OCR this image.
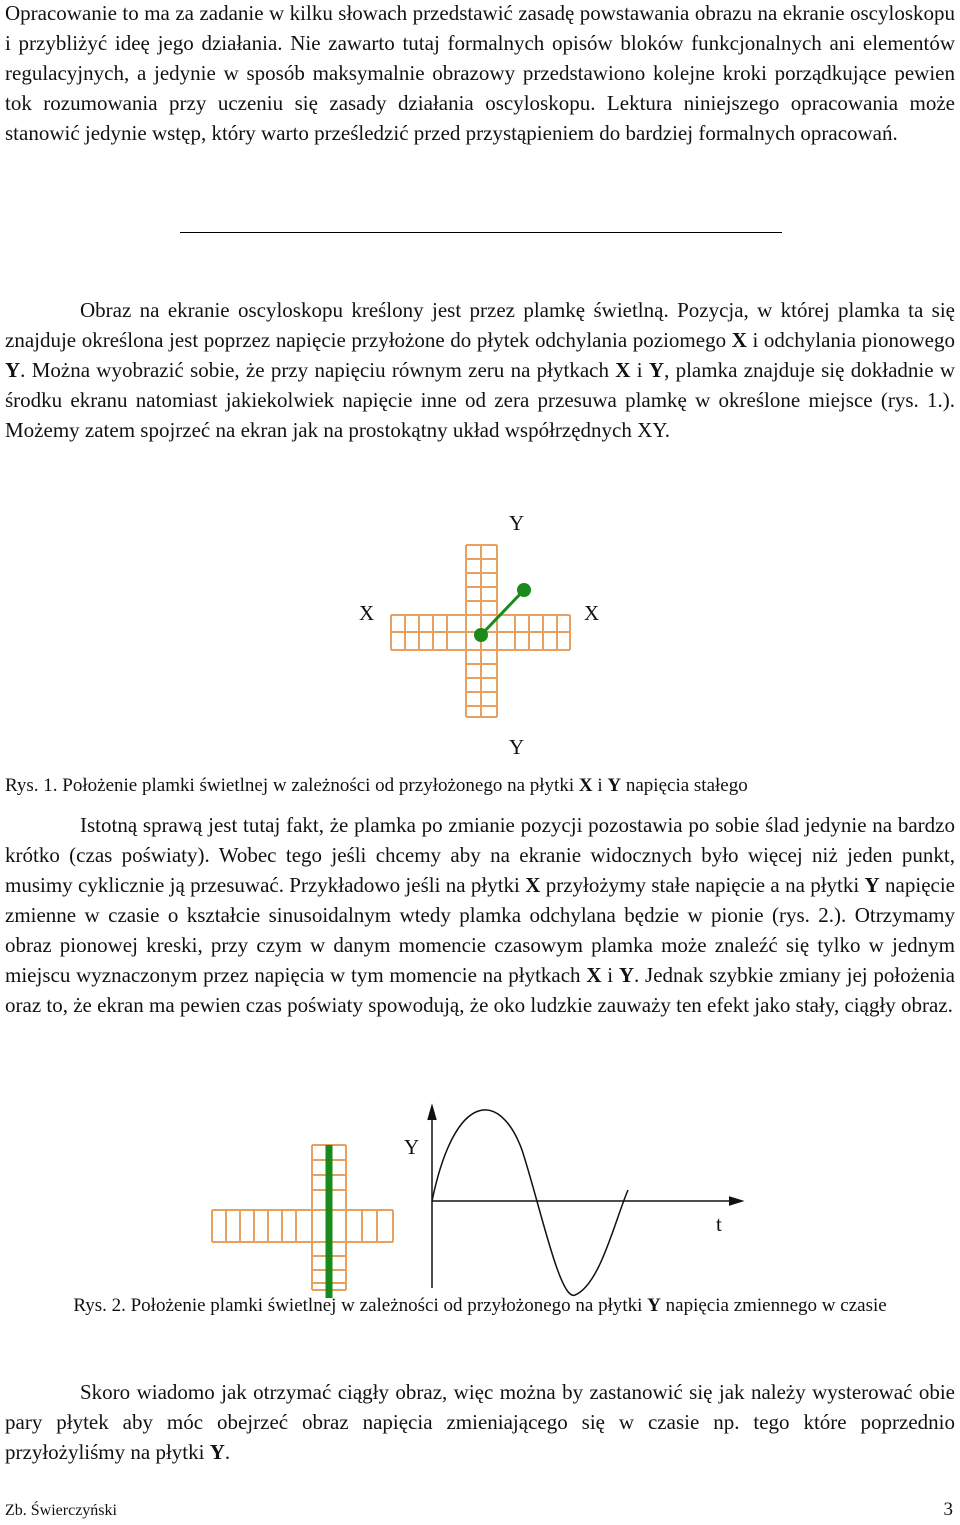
Opracowanie to ma za zadanie w kilku słowach przedstawić zasadę powstawania obrazu na ekranie oscyloskopu i przybliżyć ideę jego działania. Nie zawarto tutaj formalnych opisów bloków funkcjonalnych ani elementów regulacyjnych, a jedynie w sposób maksymalnie obrazowy przedstawiono kolejne kroki porządkujące pewien tok rozumowania przy uczeniu się zasady działania oscyloskopu. Lektura niniejszego opracowania może stanowić jedynie wstęp, który warto prześledzić przed przystąpieniem do bardziej formalnych opracowań.

Obraz na ekranie oscyloskopu kreślony jest przez plamkę świetlną. Pozycja, w której plamka ta się znajduje określona jest poprzez napięcie przyłożone do płytek odchylania poziomego X i odchylania pionowego Y. Można wyobrazić sobie, że przy napięciu równym zeru na płytkach X i Y, plamka znajduje się dokładnie w środku ekranu natomiast jakiekolwiek napięcie inne od zera przesuwa plamkę w określone miejsce (rys. 1.). Możemy zatem spojrzeć na ekran jak na prostokątny układ współrzędnych XY.

Y
Y
X	X

Rys. 1. Położenie plamki świetlnej w zależności od przyłożonego na płytki X i Y napięcia stałego

Istotną sprawą jest tutaj fakt, że plamka po zmianie pozycji pozostawia po sobie ślad jedynie na bardzo krótko (czas poświaty). Wobec tego jeśli chcemy aby na ekranie widocznych było więcej niż jeden punkt, musimy cyklicznie ją przesuwać. Przykładowo jeśli na płytki X przyłożymy stałe napięcie a na płytki Y napięcie zmienne w czasie o kształcie sinusoidalnym wtedy plamka odchylana będzie w pionie (rys. 2.). Otrzymamy obraz pionowej kreski, przy czym w danym momencie czasowym plamka może znaleźć się tylko w jednym miejscu wyznaczonym przez napięcia w tym momencie na płytkach X i Y. Jednak szybkie zmiany jej położenia oraz to, że ekran ma pewien czas poświaty spowodują, że oko ludzkie zauważy ten efekt jako stały, ciągły obraz.

Y
t

Rys. 2. Położenie plamki świetlnej w zależności od przyłożonego na płytki Y napięcia zmiennego w czasie

Skoro wiadomo jak otrzymać ciągły obraz, więc można by zastanowić się jak należy wysterować obie pary płytek aby móc obejrzeć obraz napięcia zmieniającego się w czasie np. tego które poprzednio przyłożyliśmy na płytki Y.

Zb. Świerczyński	3
